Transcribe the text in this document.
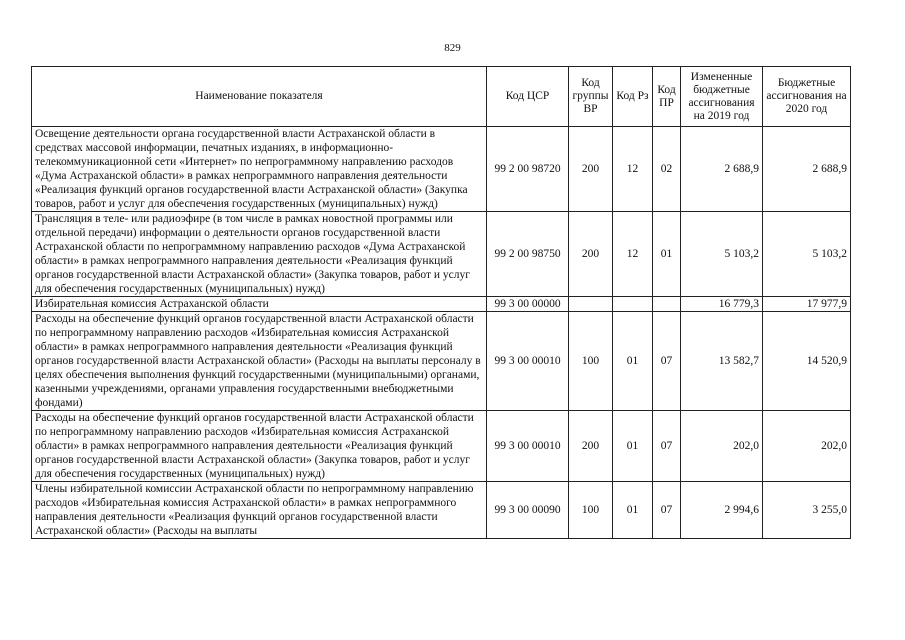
829
Наименование показателя	Код ЦСР	Код группы ВР	Код Рз	Код ПР	Измененные бюджетные ассигнования на 2019 год	Бюджетные ассигнования на 2020 год
Освещение деятельности органа государственной власти Астраханской области в средствах массовой информации, печатных изданиях, в информационно-телекоммуникационной сети «Интернет» по непрограммному направлению расходов «Дума Астраханской области» в рамках непрограммного направления деятельности «Реализация функций органов государственной власти Астраханской области» (Закупка товаров, работ и услуг для обеспечения государственных (муниципальных) нужд)	99 2 00 98720	200	12	02	2 688,9	2 688,9
Трансляция в теле- или радиоэфире (в том числе в рамках новостной программы или отдельной передачи) информации о деятельности органов государственной власти Астраханской области по непрограммному направлению расходов «Дума Астраханской области» в рамках непрограммного направления деятельности «Реализация функций органов государственной власти Астраханской области» (Закупка товаров, работ и услуг для обеспечения государственных (муниципальных) нужд)	99 2 00 98750	200	12	01	5 103,2	5 103,2
Избирательная комиссия Астраханской области	99 3 00 00000				16 779,3	17 977,9
Расходы на обеспечение функций органов государственной власти Астраханской области по непрограммному направлению расходов «Избирательная комиссия Астраханской области» в рамках непрограммного направления деятельности «Реализация функций органов государственной власти Астраханской области» (Расходы на выплаты персоналу в целях обеспечения выполнения функций государственными (муниципальными) органами, казенными учреждениями, органами управления государственными внебюджетными фондами)	99 3 00 00010	100	01	07	13 582,7	14 520,9
Расходы на обеспечение функций органов государственной власти Астраханской области по непрограммному направлению расходов «Избирательная комиссия Астраханской области» в рамках непрограммного направления деятельности «Реализация функций органов государственной власти Астраханской области» (Закупка товаров, работ и услуг для обеспечения государственных (муниципальных) нужд)	99 3 00 00010	200	01	07	202,0	202,0
Члены избирательной комиссии Астраханской области по непрограммному направлению расходов «Избирательная комиссия Астраханской области» в рамках непрограммного направления деятельности «Реализация функций органов государственной власти Астраханской области» (Расходы на выплаты	99 3 00 00090	100	01	07	2 994,6	3 255,0
